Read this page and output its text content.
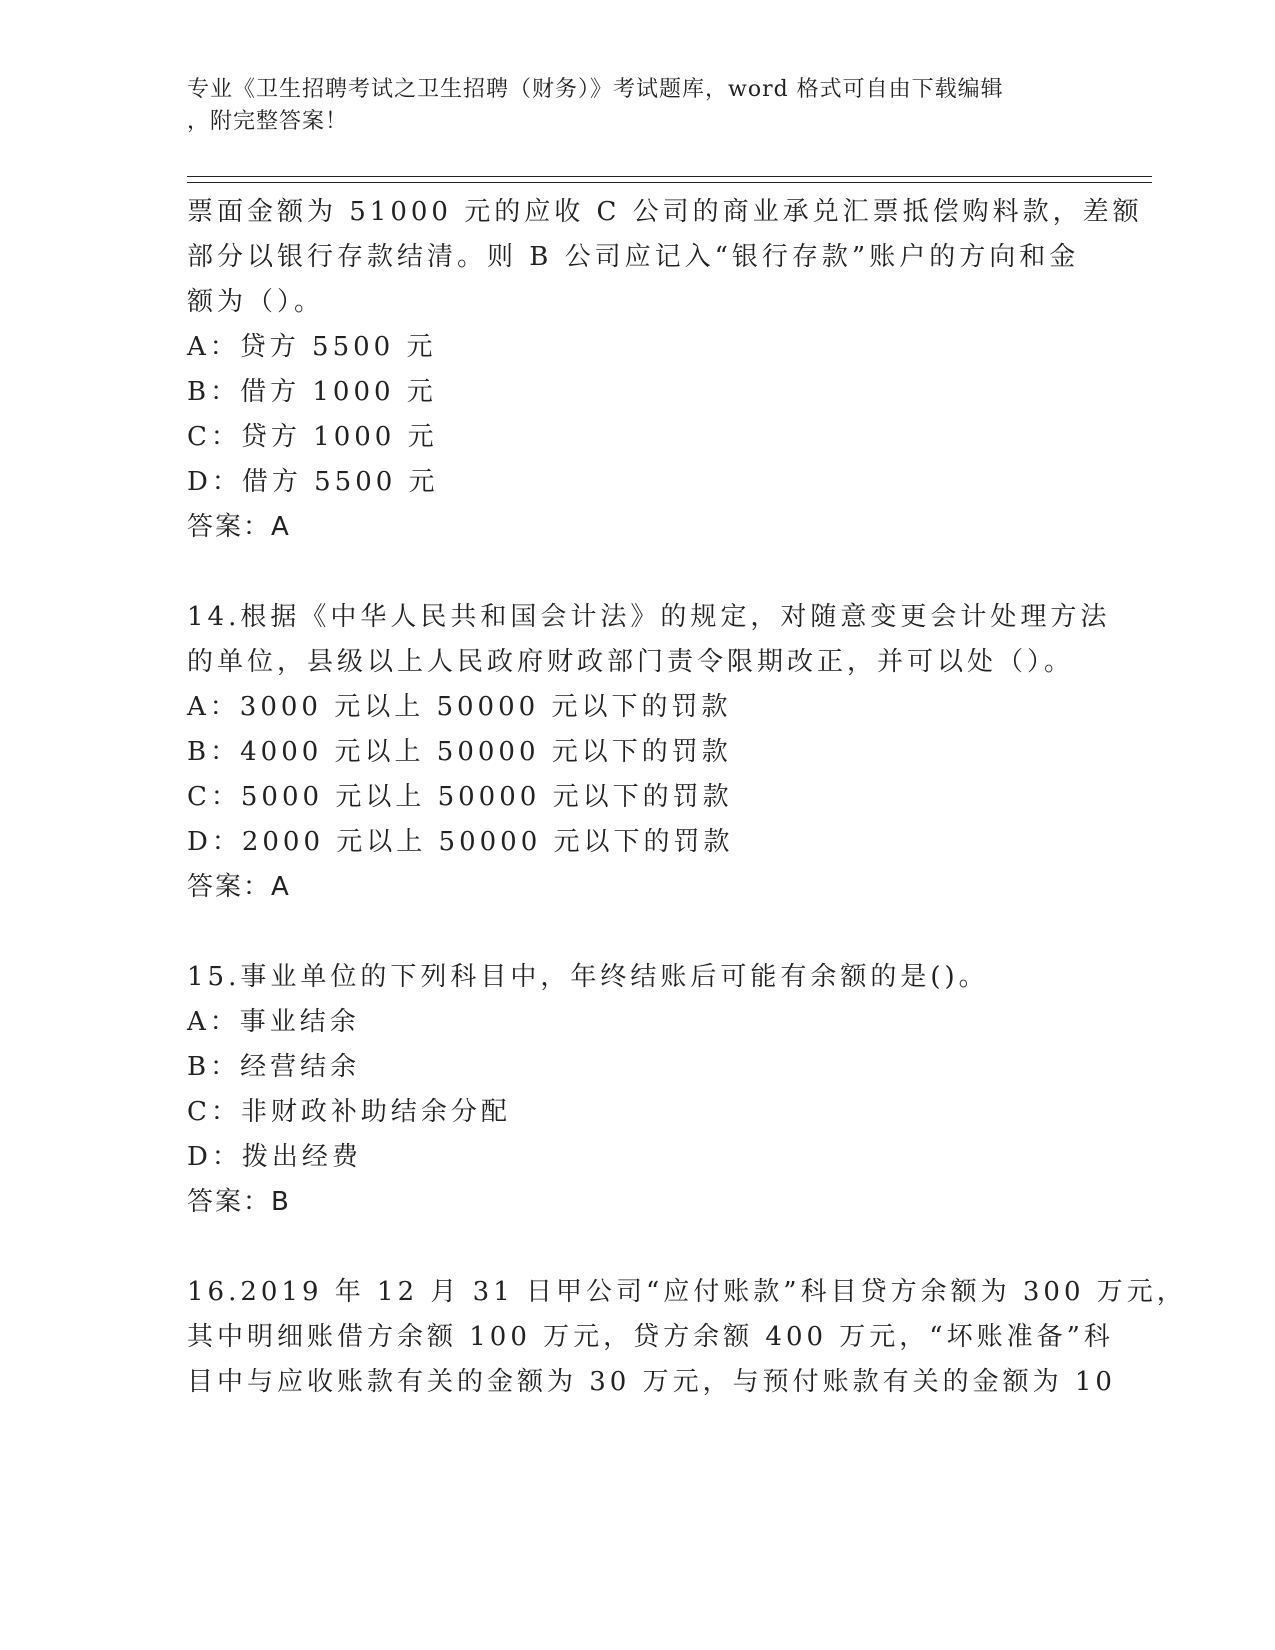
专业《卫生招聘考试之卫生招聘（财务）》考试题库，word 格式可自由下载编辑
，附完整答案！
票面金额为 51000 元的应收 C 公司的商业承兑汇票抵偿购料款，差额
部分以银行存款结清。则 B 公司应记入“银行存款”账户的方向和金
额为（）。
A：贷方 5500 元
B：借方 1000 元
C：贷方 1000 元
D：借方 5500 元
答案：A
14.根据《中华人民共和国会计法》的规定，对随意变更会计处理方法
的单位，县级以上人民政府财政部门责令限期改正，并可以处（）。
A：3000 元以上 50000 元以下的罚款
B：4000 元以上 50000 元以下的罚款
C：5000 元以上 50000 元以下的罚款
D：2000 元以上 50000 元以下的罚款
答案：A
15.事业单位的下列科目中，年终结账后可能有余额的是()。
A：事业结余
B：经营结余
C：非财政补助结余分配
D：拨出经费
答案：B
16.2019 年 12 月 31 日甲公司“应付账款”科目贷方余额为 300 万元，
其中明细账借方余额 100 万元，贷方余额 400 万元，“坏账准备”科
目中与应收账款有关的金额为 30 万元，与预付账款有关的金额为 10
